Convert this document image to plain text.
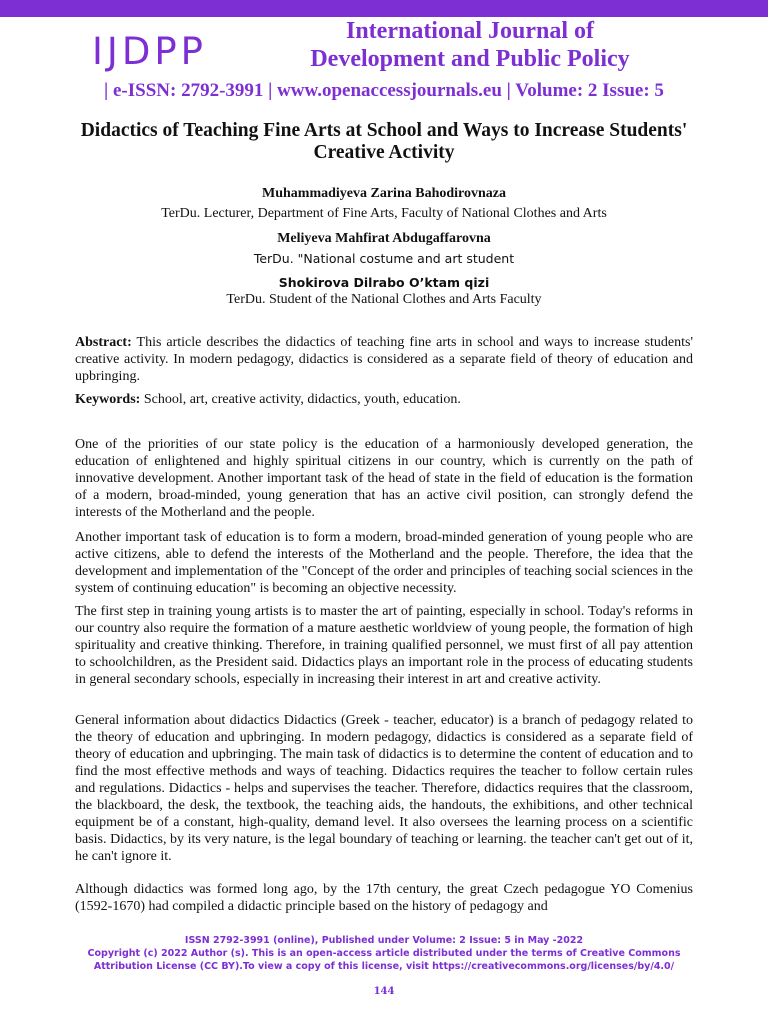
IJDPP	International Journal of Development and Public Policy
| e-ISSN: 2792-3991 | www.openaccessjournals.eu | Volume: 2 Issue: 5
Didactics of Teaching Fine Arts at School and Ways to Increase Students' Creative Activity
Muhammadiyeva Zarina Bahodirovnaza
TerDu. Lecturer, Department of Fine Arts, Faculty of National Clothes and Arts
Meliyeva Mahfirat Abdugaffarovna
TerDu. "National costume and art student
Shokirova Dilrabo O’ktam qizi
TerDu. Student of the National Clothes and Arts Faculty
Abstract: This article describes the didactics of teaching fine arts in school and ways to increase students' creative activity. In modern pedagogy, didactics is considered as a separate field of theory of education and upbringing.
Keywords: School, art, creative activity, didactics, youth, education.
One of the priorities of our state policy is the education of a harmoniously developed generation, the education of enlightened and highly spiritual citizens in our country, which is currently on the path of innovative development. Another important task of the head of state in the field of education is the formation of a modern, broad-minded, young generation that has an active civil position, can strongly defend the interests of the Motherland and the people.
Another important task of education is to form a modern, broad-minded generation of young people who are active citizens, able to defend the interests of the Motherland and the people. Therefore, the idea that the development and implementation of the "Concept of the order and principles of teaching social sciences in the system of continuing education" is becoming an objective necessity.
The first step in training young artists is to master the art of painting, especially in school. Today's reforms in our country also require the formation of a mature aesthetic worldview of young people, the formation of high spirituality and creative thinking. Therefore, in training qualified personnel, we must first of all pay attention to schoolchildren, as the President said. Didactics plays an important role in the process of educating students in general secondary schools, especially in increasing their interest in art and creative activity.
General information about didactics Didactics (Greek - teacher, educator) is a branch of pedagogy related to the theory of education and upbringing. In modern pedagogy, didactics is considered as a separate field of theory of education and upbringing. The main task of didactics is to determine the content of education and to find the most effective methods and ways of teaching. Didactics requires the teacher to follow certain rules and regulations. Didactics - helps and supervises the teacher. Therefore, didactics requires that the classroom, the blackboard, the desk, the textbook, the teaching aids, the handouts, the exhibitions, and other technical equipment be of a constant, high-quality, demand level. It also oversees the learning process on a scientific basis. Didactics, by its very nature, is the legal boundary of teaching or learning. the teacher can't get out of it, he can't ignore it.
Although didactics was formed long ago, by the 17th century, the great Czech pedagogue YO Comenius (1592-1670) had compiled a didactic principle based on the history of pedagogy and
ISSN 2792-3991 (online), Published under Volume: 2 Issue: 5 in May -2022
Copyright (c) 2022 Author (s). This is an open-access article distributed under the terms of Creative Commons
Attribution License (CC BY).To view a copy of this license, visit https://creativecommons.org/licenses/by/4.0/
144
